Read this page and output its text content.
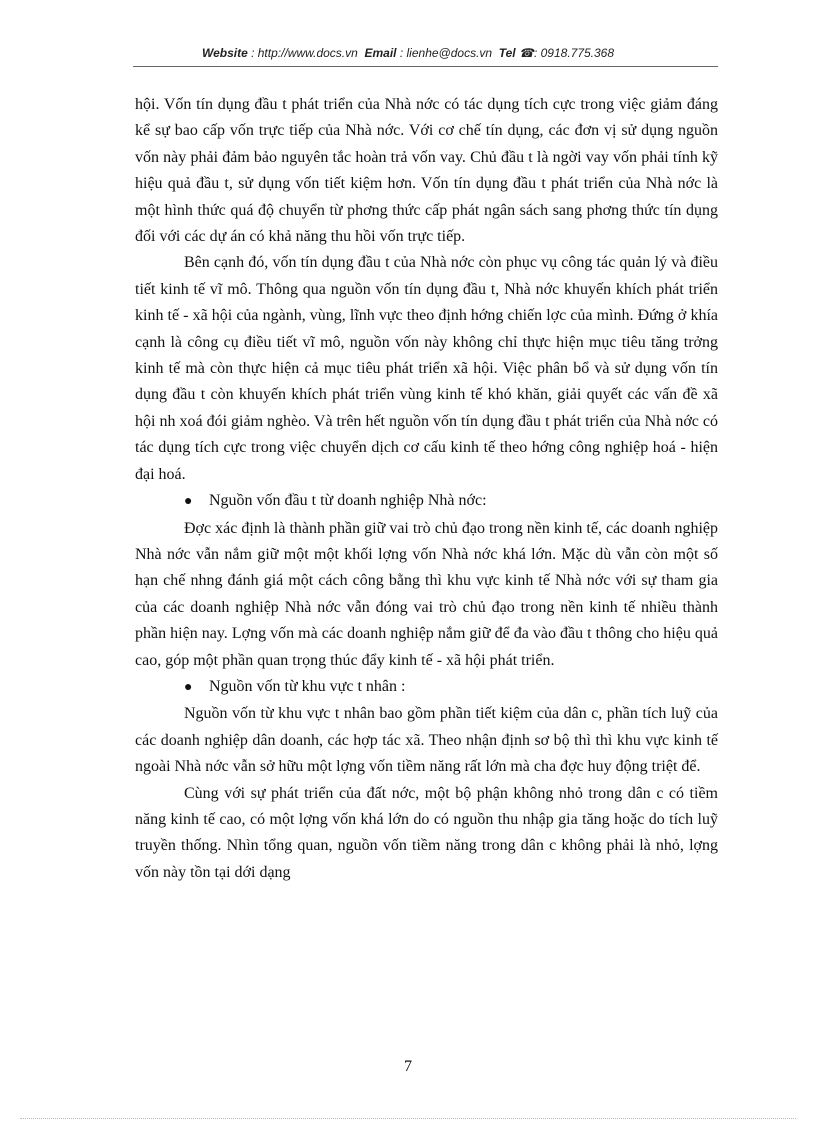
Website : http://www.docs.vn Email : lienhe@docs.vn Tel ☎: 0918.775.368

hội. Vốn tín dụng đầu t phát triển của Nhà nớc có tác dụng tích cực trong việc giảm đáng kể sự bao cấp vốn trực tiếp của Nhà nớc. Với cơ chế tín dụng, các đơn vị sử dụng nguồn vốn này phải đảm bảo nguyên tắc hoàn trả vốn vay. Chủ đầu t là ngời vay vốn phải tính kỹ hiệu quả đầu t, sử dụng vốn tiết kiệm hơn. Vốn tín dụng đầu t phát triển của Nhà nớc là một hình thức quá độ chuyển từ phơng thức cấp phát ngân sách sang phơng thức tín dụng đối với các dự án có khả năng thu hồi vốn trực tiếp.

Bên cạnh đó, vốn tín dụng đầu t của Nhà nớc còn phục vụ công tác quản lý và điều tiết kinh tế vĩ mô. Thông qua nguồn vốn tín dụng đầu t, Nhà nớc khuyến khích phát triển kinh tế - xã hội của ngành, vùng, lĩnh vực theo định hớng chiến lợc của mình. Đứng ở khía cạnh là công cụ điều tiết vĩ mô, nguồn vốn này không chỉ thực hiện mục tiêu tăng trởng kinh tế mà còn thực hiện cả mục tiêu phát triển xã hội. Việc phân bổ và sử dụng vốn tín dụng đầu t còn khuyến khích phát triển vùng kinh tế khó khăn, giải quyết các vấn đề xã hội nh xoá đói giảm nghèo. Và trên hết nguồn vốn tín dụng đầu t phát triển của Nhà nớc có tác dụng tích cực trong việc chuyển dịch cơ cấu kinh tế theo hớng công nghiệp hoá - hiện đại hoá.

● Nguồn vốn đầu t từ doanh nghiệp Nhà nớc:

Đợc xác định là thành phần giữ vai trò chủ đạo trong nền kinh tế, các doanh nghiệp Nhà nớc vẫn nắm giữ một một khối lợng vốn Nhà nớc khá lớn. Mặc dù vẫn còn một số hạn chế nhng đánh giá một cách công bằng thì khu vực kinh tế Nhà nớc với sự tham gia của các doanh nghiệp Nhà nớc vẫn đóng vai trò chủ đạo trong nền kinh tế nhiều thành phần hiện nay. Lợng vốn mà các doanh nghiệp nắm giữ để đa vào đầu t thông cho hiệu quả cao, góp một phần quan trọng thúc đẩy kinh tế - xã hội phát triển.

● Nguồn vốn từ khu vực t nhân :

Nguồn vốn từ khu vực t nhân bao gồm phần tiết kiệm của dân c, phần tích luỹ của các doanh nghiệp dân doanh, các hợp tác xã. Theo nhận định sơ bộ thì thì khu vực kinh tế ngoài Nhà nớc vẫn sở hữu một lợng vốn tiềm năng rất lớn mà cha đợc huy động triệt để.

Cùng với sự phát triển của đất nớc, một bộ phận không nhỏ trong dân c có tiềm năng kinh tế cao, có một lợng vốn khá lớn do có nguồn thu nhập gia tăng hoặc do tích luỹ truyền thống. Nhìn tổng quan, nguồn vốn tiềm năng trong dân c không phải là nhỏ, lợng vốn này tồn tại dới dạng

7
